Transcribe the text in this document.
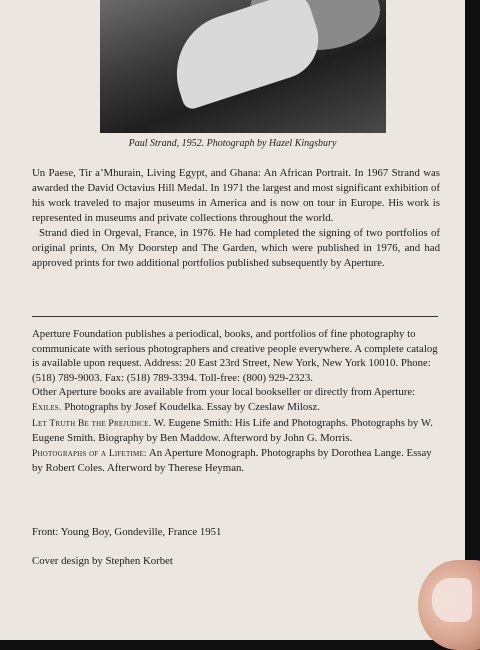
Paul Strand, 1952. Photograph by Hazel Kingsbury

Un Paese, Tir a’Mhurain, Living Egypt, and Ghana: An African Portrait. In 1967 Strand was awarded the David Octavius Hill Medal. In 1971 the largest and most significant exhibition of his work traveled to major museums in America and is now on tour in Europe. His work is represented in museums and private collections throughout the world.

Strand died in Orgeval, France, in 1976. He had completed the signing of two portfolios of original prints, On My Doorstep and The Garden, which were published in 1976, and had approved prints for two additional portfolios published subsequently by Aperture.

Aperture Foundation publishes a periodical, books, and portfolios of fine photography to communicate with serious photographers and creative people everywhere. A complete catalog is available upon request. Address: 20 East 23rd Street, New York, New York 10010. Phone: (518) 789-9003. Fax: (518) 789-3394. Toll-free: (800) 929-2323.

Other Aperture books are available from your local bookseller or directly from Aperture:

Exiles. Photographs by Josef Koudelka. Essay by Czeslaw Milosz.

Let Truth Be the Prejudice. W. Eugene Smith: His Life and Photographs. Photographs by W. Eugene Smith. Biography by Ben Maddow. Afterword by John G. Morris.

Photographs of a Lifetime: An Aperture Monograph. Photographs by Dorothea Lange. Essay by Robert Coles. Afterword by Therese Heyman.

Front: Young Boy, Gondeville, France 1951
Cover design by Stephen Korbet
